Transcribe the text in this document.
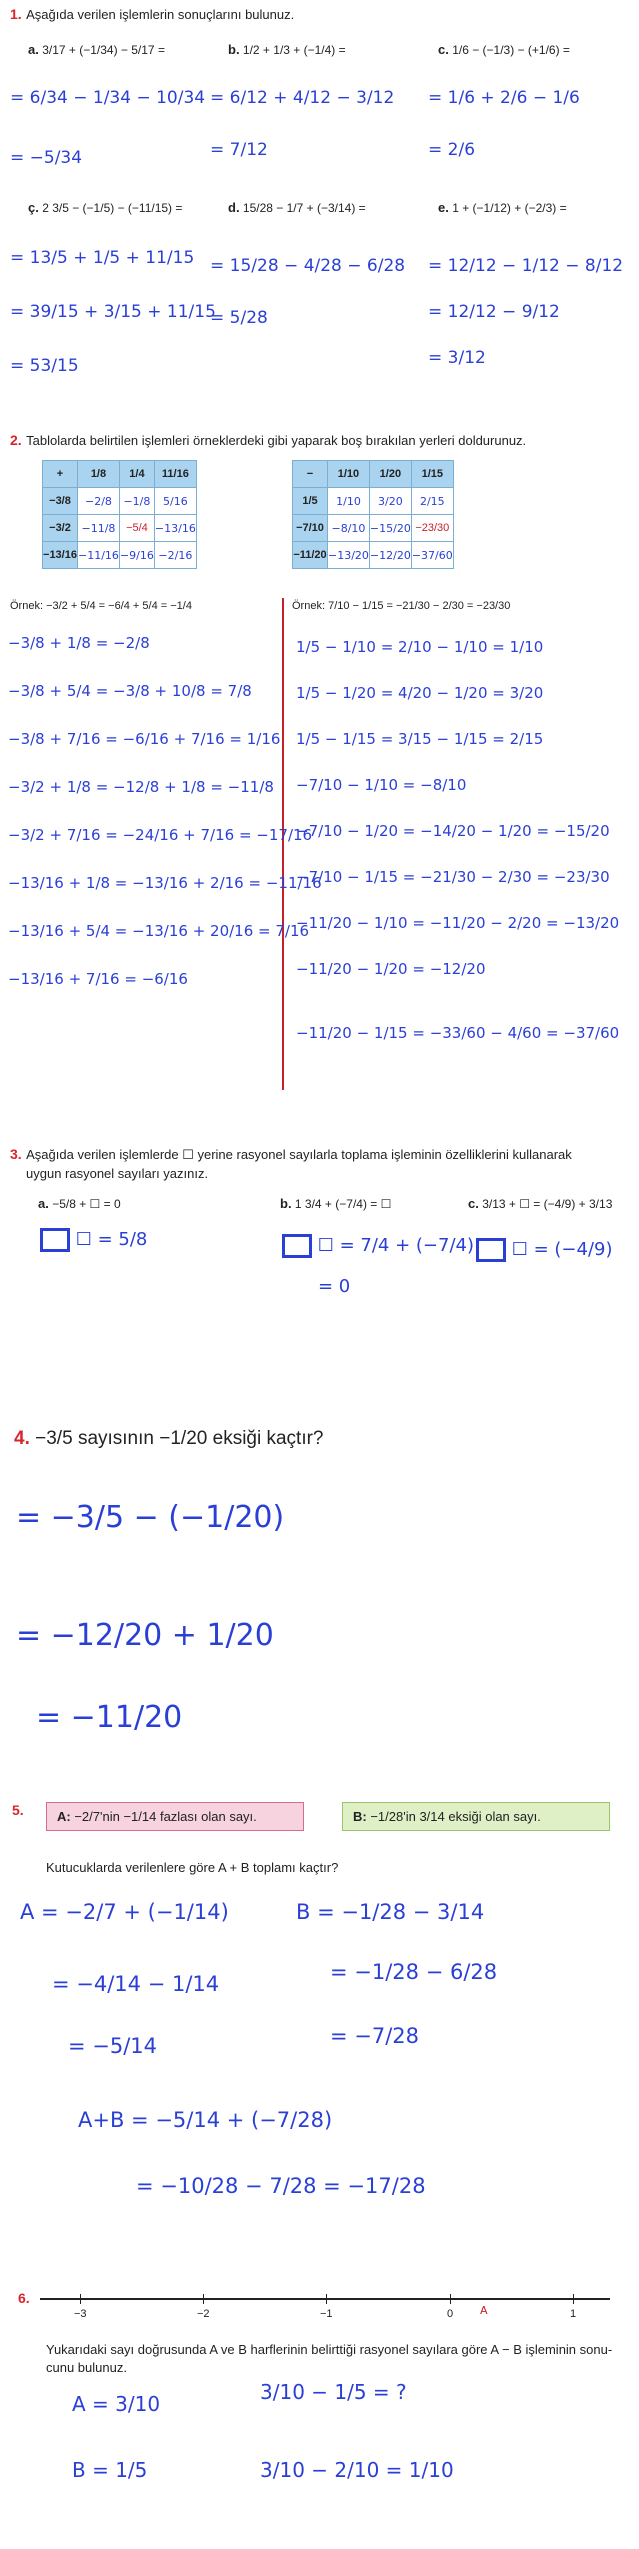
1. Aşağıda verilen işlemlerin sonuçlarını bulunuz.
a. 3/17 + (−1/34) − 5/17 =
= 6/34 − 1/34 − 10/34
= −5/34
b. 1/2 + 1/3 + (−1/4) =
= 6/12 + 4/12 − 3/12
= 7/12
c. 1/6 − (−1/3) − (+1/6) =
= 1/6 + 2/6 − 1/6
= 2/6
ç. 2 3/5 − (−1/5) − (−11/15) =
= 13/5 + 1/5 + 11/15
= 39/15 + 3/15 + 11/15
= 53/15
d. 15/28 − 1/7 + (−3/14) =
= 15/28 − 4/28 − 6/28
= 5/28
e. 1 + (−1/12) + (−2/3) =
= 12/12 − 1/12 − 8/12
= 12/12 − 9/12
= 3/12
2. Tablolarda belirtilen işlemleri örneklerdeki gibi yaparak boş bırakılan yerleri doldurunuz.
+	1/8	1/4	11/16
−3/8	−2/8	−1/8	5/16
−3/2	−11/8	−5/4	−13/16
−13/16	−11/16	−9/16	−2/16
−	1/10	1/20	1/15
1/5	1/10	3/20	2/15
−7/10	−8/10	−15/20	−23/30
−11/20	−13/20	−12/20	−37/60
Örnek: −3/2 + 5/4 = −6/4 + 5/4 = −1/4	Örnek: 7/10 − 1/15 = −21/30 − 2/30 = −23/30
−3/8 + 1/8 = −2/8
−3/8 + 5/4 = −3/8 + 10/8 = 7/8
−3/8 + 7/16 = −6/16 + 7/16 = 1/16
−3/2 + 1/8 = −12/8 + 1/8 = −11/8
−3/2 + 7/16 = −24/16 + 7/16 = −17/16
−13/16 + 1/8 = −13/16 + 2/16 = −11/16
−13/16 + 5/4 = −13/16 + 20/16 = 7/16
−13/16 + 7/16 = −6/16
1/5 − 1/10 = 2/10 − 1/10 = 1/10
1/5 − 1/20 = 4/20 − 1/20 = 3/20
1/5 − 1/15 = 3/15 − 1/15 = 2/15
−7/10 − 1/10 = −8/10
−7/10 − 1/20 = −14/20 − 1/20 = −15/20
−7/10 − 1/15 = −21/30 − 2/30 = −23/30
−11/20 − 1/10 = −11/20 − 2/20 = −13/20
−11/20 − 1/20 = −12/20
−11/20 − 1/15 = −33/60 − 4/60 = −37/60
3. Aşağıda verilen işlemlerde ☐ yerine rasyonel sayılarla toplama işleminin özelliklerini kullanarak
uygun rasyonel sayıları yazınız.
a. −5/8 + ☐ = 0
☐ = 5/8
b. 1 3/4 + (−7/4) = ☐
☐ = 7/4 + (−7/4)
= 0
c. 3/13 + ☐ = (−4/9) + 3/13
☐ = (−4/9)
4. −3/5 sayısının −1/20 eksiği kaçtır?
= −3/5 − (−1/20)
= −12/20 + 1/20
= −11/20
5.	A: −2/7'nin −1/14 fazlası olan sayı.	B: −1/28'in 3/14 eksiği olan sayı.
Kutucuklarda verilenlere göre A + B toplamı kaçtır?
A = −2/7 + (−1/14)
= −4/14 − 1/14
= −5/14
B = −1/28 − 3/14
= −1/28 − 6/28
= −7/28
A+B = −5/14 + (−7/28)
= −10/28 − 7/28 = −17/28
6.
−3	−2	−1	0	1
A
Yukarıdaki sayı doğrusunda A ve B harflerinin belirttiği rasyonel sayılara göre A − B işleminin sonu-
cunu bulunuz.
A = 3/10
B = 1/5
3/10 − 1/5 = ?
3/10 − 2/10 = 1/10
